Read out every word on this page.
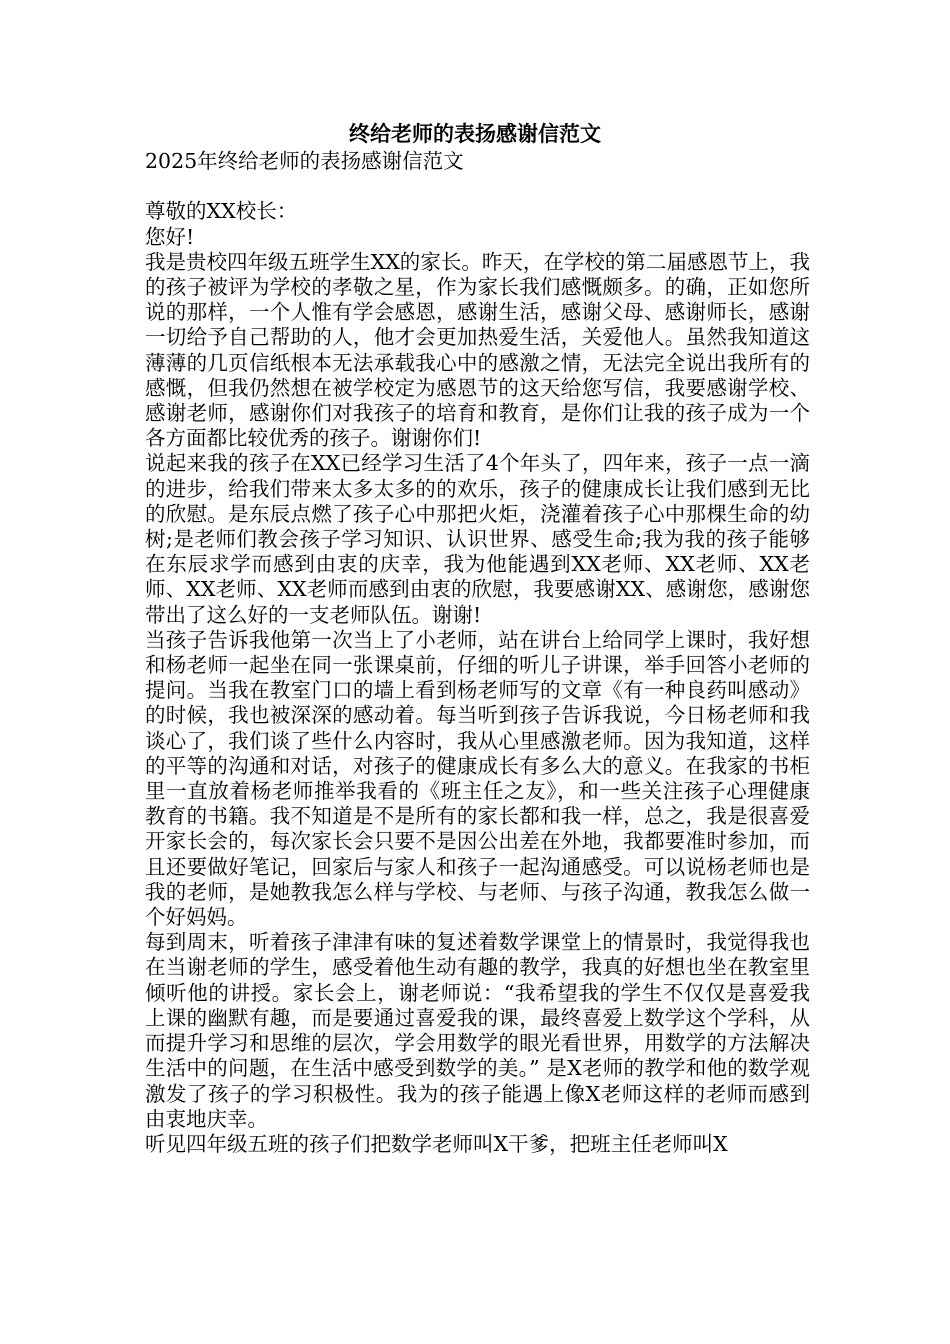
终给老师的表扬感谢信范文

2025年终给老师的表扬感谢信范文

尊敬的XX校长：

您好!

我是贵校四年级五班学生XX的家长。昨天，在学校的第二届感恩节上，我的孩子被评为学校的孝敬之星，作为家长我们感慨颇多。的确，正如您所说的那样，一个人惟有学会感恩，感谢生活，感谢父母、感谢师长，感谢一切给予自己帮助的人，他才会更加热爱生活，关爱他人。虽然我知道这薄薄的几页信纸根本无法承载我心中的感激之情，无法完全说出我所有的感慨，但我仍然想在被学校定为感恩节的这天给您写信，我要感谢学校、感谢老师，感谢你们对我孩子的培育和教育，是你们让我的孩子成为一个各方面都比较优秀的孩子。谢谢你们!

说起来我的孩子在XX已经学习生活了4个年头了，四年来，孩子一点一滴的进步，给我们带来太多太多的的欢乐，孩子的健康成长让我们感到无比的欣慰。是东辰点燃了孩子心中那把火炬，浇灌着孩子心中那棵生命的幼树;是老师们教会孩子学习知识、认识世界、感受生命;我为我的孩子能够在东辰求学而感到由衷的庆幸，我为他能遇到XX老师、XX老师、XX老师、XX老师、XX老师而感到由衷的欣慰，我要感谢XX、感谢您，感谢您带出了这么好的一支老师队伍。谢谢!

当孩子告诉我他第一次当上了小老师，站在讲台上给同学上课时，我好想和杨老师一起坐在同一张课桌前，仔细的听儿子讲课，举手回答小老师的提问。当我在教室门口的墙上看到杨老师写的文章《有一种良药叫感动》的时候，我也被深深的感动着。每当听到孩子告诉我说，今日杨老师和我谈心了，我们谈了些什么内容时，我从心里感激老师。因为我知道，这样的平等的沟通和对话，对孩子的健康成长有多么大的意义。在我家的书柜里一直放着杨老师推举我看的《班主任之友》，和一些关注孩子心理健康教育的书籍。我不知道是不是所有的家长都和我一样，总之，我是很喜爱开家长会的，每次家长会只要不是因公出差在外地，我都要准时参加，而且还要做好笔记，回家后与家人和孩子一起沟通感受。可以说杨老师也是我的老师，是她教我怎么样与学校、与老师、与孩子沟通，教我怎么做一个好妈妈。

每到周末，听着孩子津津有味的复述着数学课堂上的情景时，我觉得我也在当谢老师的学生，感受着他生动有趣的教学，我真的好想也坐在教室里倾听他的讲授。家长会上，谢老师说：“我希望我的学生不仅仅是喜爱我上课的幽默有趣，而是要通过喜爱我的课，最终喜爱上数学这个学科，从而提升学习和思维的层次，学会用数学的眼光看世界，用数学的方法解决生活中的问题，在生活中感受到数学的美。” 是X老师的教学和他的数学观激发了孩子的学习积极性。我为的孩子能遇上像X老师这样的老师而感到由衷地庆幸。

听见四年级五班的孩子们把数学老师叫X干爹，把班主任老师叫X
